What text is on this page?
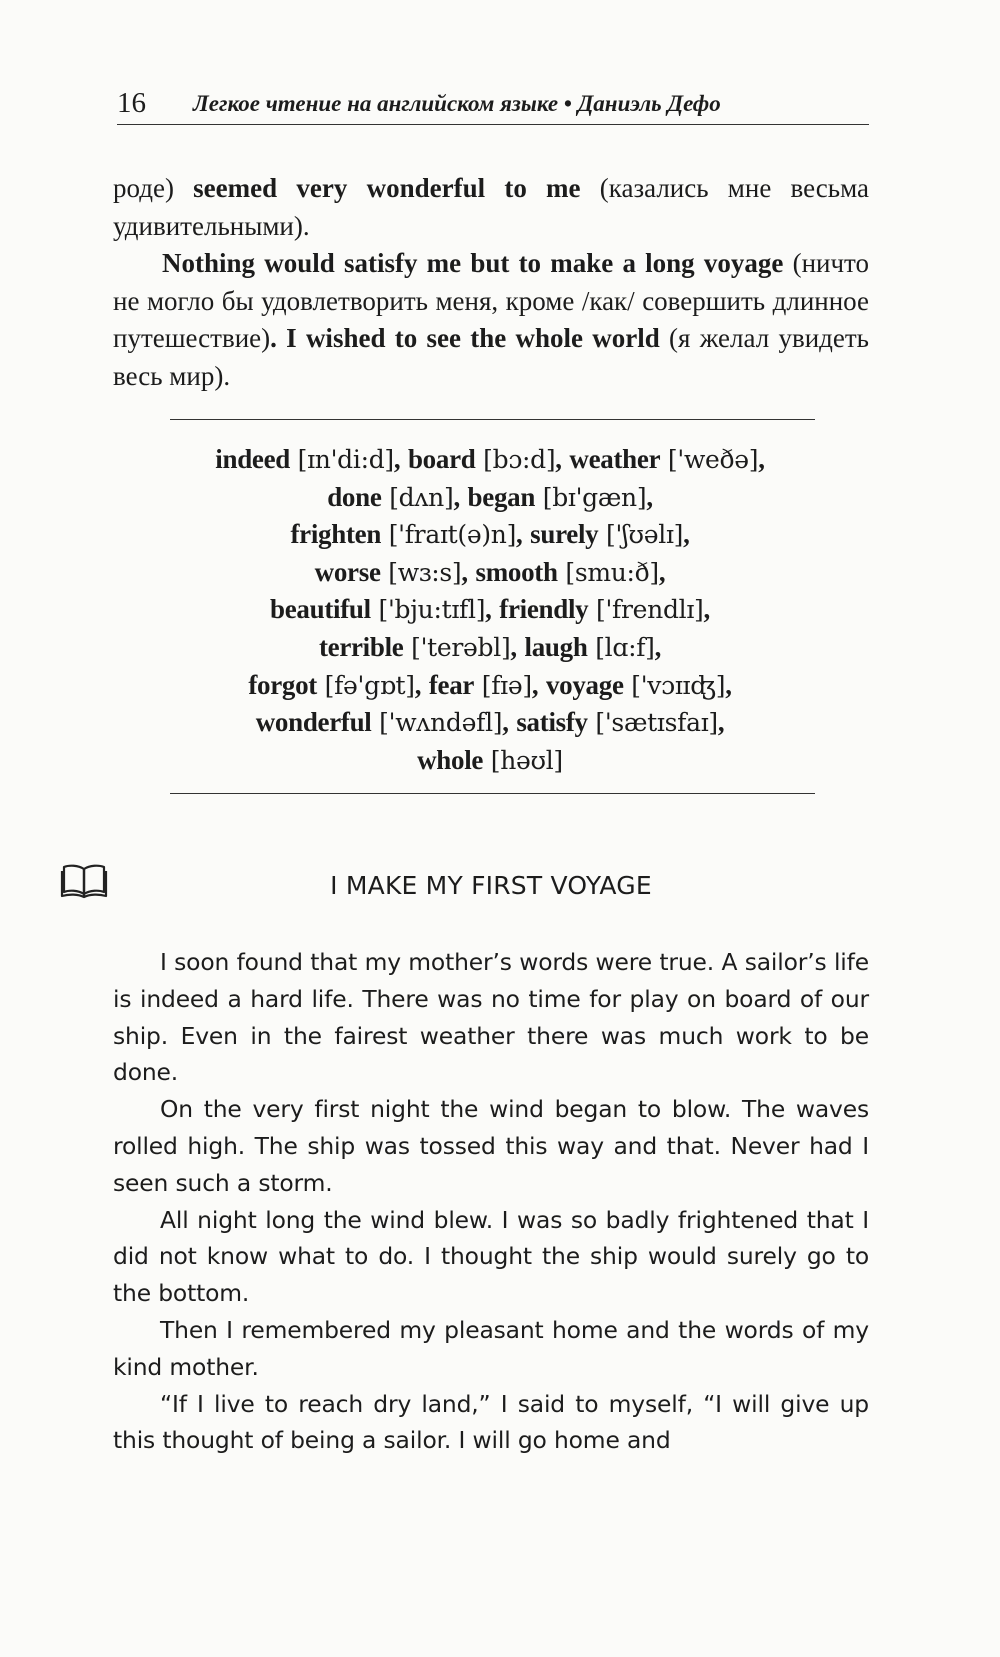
16 Легкое чтение на английском языке • Даниэль Дефо

роде) seemed very wonderful to me (казались мне весьма удивительными).

Nothing would satisfy me but to make a long voyage (ничто не могло бы удовлетворить меня, кроме /как/ совершить длинное путешествие). I wished to see the whole world (я желал увидеть весь мир).

indeed [ɪn'di:d], board [bɔ:d], weather ['weðə],
done [dʌn], began [bɪ'gæn],
frighten ['fraɪt(ə)n], surely ['ʃʊəlɪ],
worse [wɜ:s], smooth [smu:ð],
beautiful ['bju:tɪfl], friendly ['frendlɪ],
terrible ['terəbl], laugh [lɑ:f],
forgot [fə'gɒt], fear [fɪə], voyage ['vɔɪɪʤ],
wonderful ['wʌndəfl], satisfy ['sætɪsfaɪ],
whole [həʊl]
I MAKE MY FIRST VOYAGE

I soon found that my mother’s words were true. A sailor’s life is indeed a hard life. There was no time for play on board of our ship. Even in the fairest weather there was much work to be done.

On the very first night the wind began to blow. The waves rolled high. The ship was tossed this way and that. Never had I seen such a storm.

All night long the wind blew. I was so badly frightened that I did not know what to do. I thought the ship would surely go to the bottom.

Then I remembered my pleasant home and the words of my kind mother.

“If I live to reach dry land,” I said to myself, “I will give up this thought of being a sailor. I will go home and
